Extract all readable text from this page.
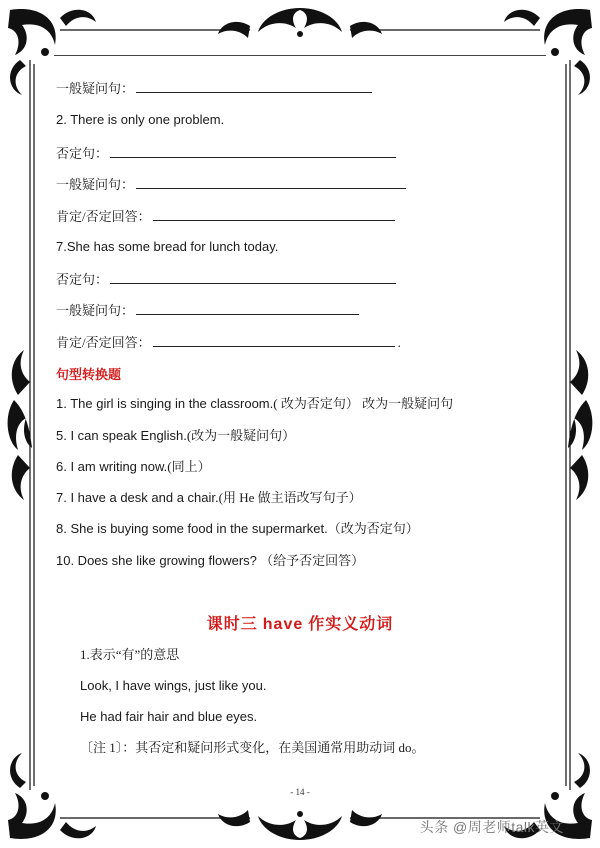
一般疑问句：
2. There is only one problem.
否定句：
一般疑问句：
肯定/否定回答：
7.She has some bread for lunch today.
否定句：
一般疑问句：
肯定/否定回答：	.
句型转换题
1. The girl is singing in the classroom.( 改为否定句） 改为一般疑问句
5. I can speak English.(改为一般疑问句）
6. I am writing now.(同上）
7. I have a desk and a chair.(用 He 做主语改写句子）
8. She is buying some food in the supermarket.（改为否定句）
10. Does she like growing flowers? （给予否定回答）
课时三 have 作实义动词
1.表示“有”的意思
Look, I have wings, just like you.
He had fair hair and blue eyes.
〔注 1〕：其否定和疑问形式变化，在美国通常用助动词 do。
- 14 -
头条 @周老师talk英文
